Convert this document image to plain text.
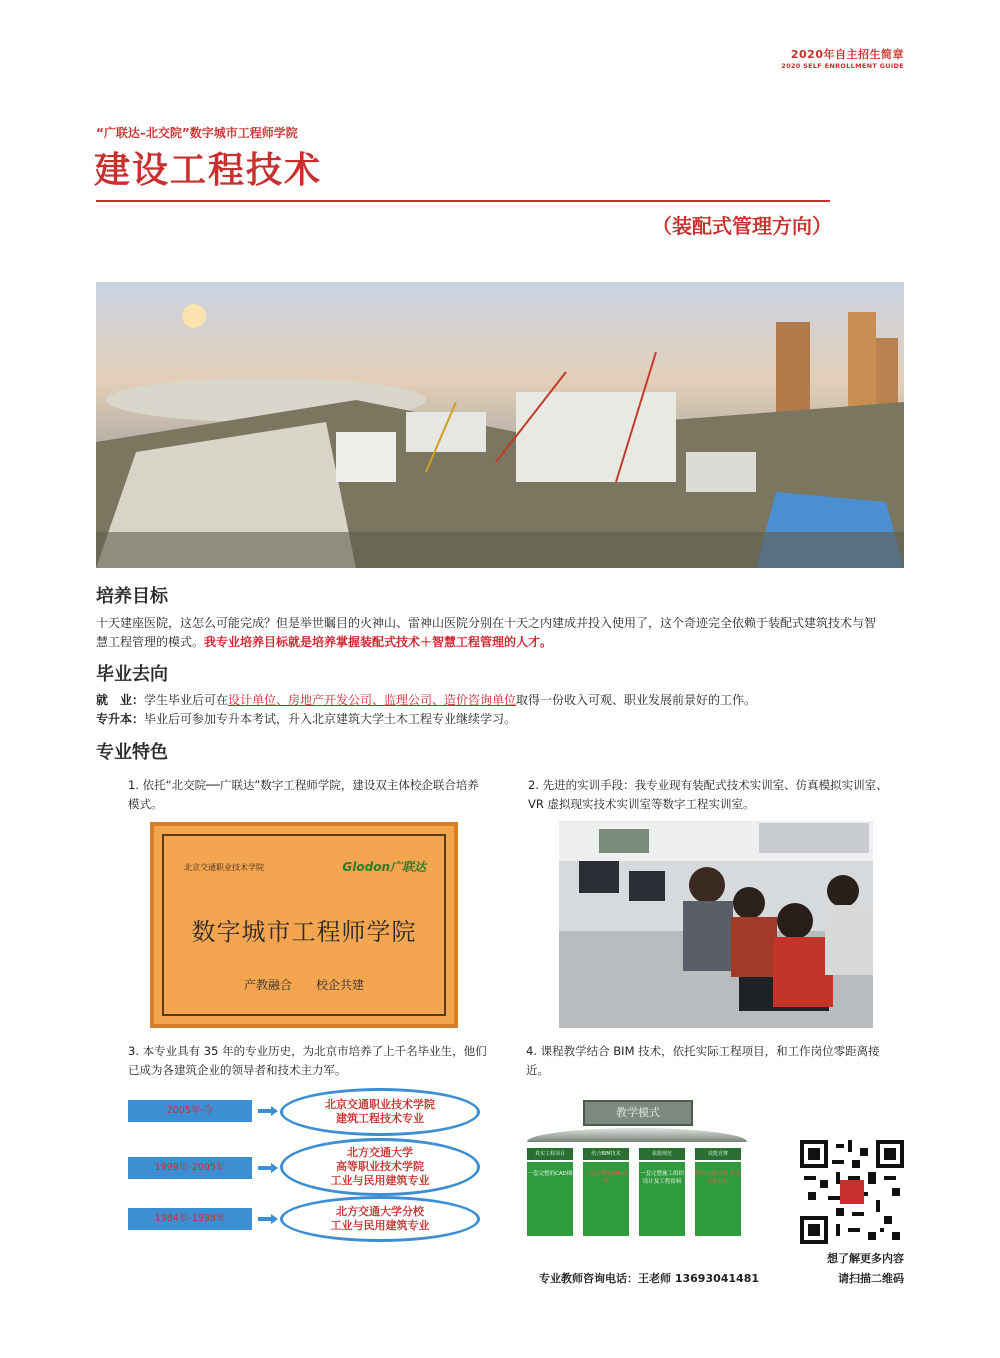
2020年自主招生简章
2020 SELF ENROLLMENT GUIDE
“广联达–北交院”数字城市工程师学院
建设工程技术
（装配式管理方向）
培养目标
十天建座医院，这怎么可能完成？但是举世瞩目的火神山、雷神山医院分别在十天之内建成并投入使用了，这个奇迹完全依赖于装配式建筑技术与智慧工程管理的模式。我专业培养目标就是培养掌握装配式技术＋智慧工程管理的人才。
毕业去向
就　业：学生毕业后可在设计单位、房地产开发公司、监理公司、造价咨询单位取得一份收入可观、职业发展前景好的工作。
专升本：毕业后可参加专升本考试，升入北京建筑大学土木工程专业继续学习。
专业特色
1. 依托“北交院──广联达”数字工程师学院，建设双主体校企联合培养模式。
2. 先进的实训手段：我专业现有装配式技术实训室、仿真模拟实训室、VR 虚拟现实技术实训室等数字工程实训室。
北京交通职业技术学院	Glodon广联达
数字城市工程师学院
产教融合　　校企共建
3. 本专业具有 35 年的专业历史，为北京市培养了上千名毕业生，他们已成为各建筑企业的领导者和技术主力军。
4. 课程教学结合 BIM 技术，依托实际工程项目，和工作岗位零距离接近。
2005年-今	北京交通职业技术学院
建筑工程技术专业
1999年-2005年
北方交通大学
高等职业技术学院
工业与民用建筑专业
1984年-1998年
北方交通大学分校
工业与民用建筑专业
教学模式
真实工程项目
一套完整的CAD图
结合BIM技术
一套完整的BIM模型
依据规范
一套完整施工组织设计及工程资料
技能竞赛
校内技能竞赛 企业技能认证
想了解更多内容
请扫描二维码
专业教师咨询电话：王老师 13693041481
